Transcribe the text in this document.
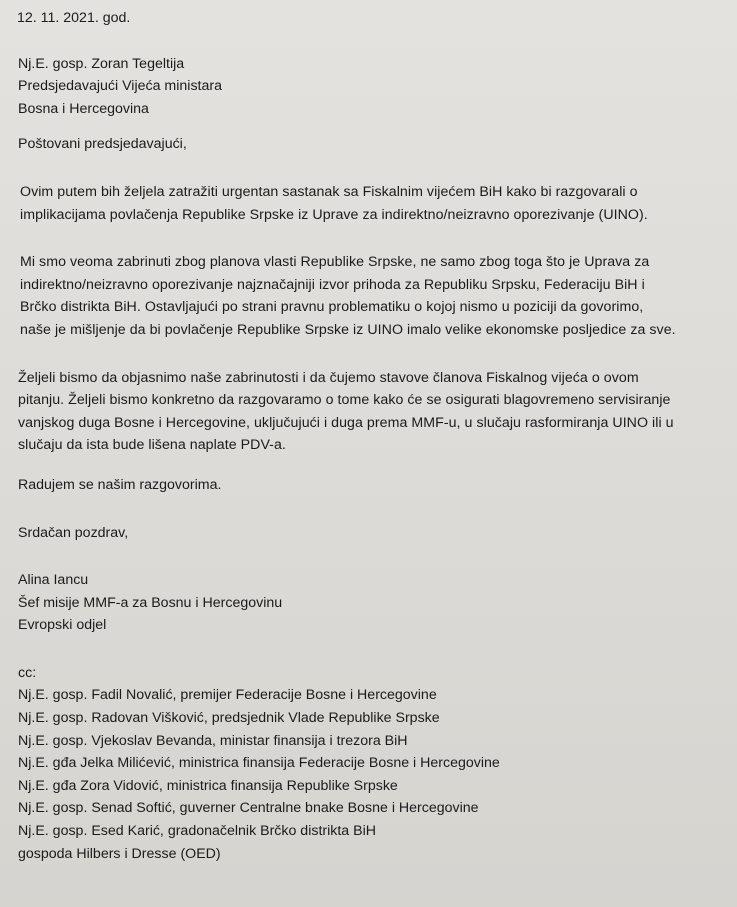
12. 11. 2021. god.
Nj.E. gosp. Zoran Tegeltija
Predsjedavajući Vijeća ministara
Bosna i Hercegovina
Poštovani predsjedavajući,
Ovim putem bih željela zatražiti urgentan sastanak sa Fiskalnim vijećem BiH kako bi razgovarali o
implikacijama povlačenja Republike Srpske iz Uprave za indirektno/neizravno oporezivanje (UINO).
Mi smo veoma zabrinuti zbog planova vlasti Republike Srpske, ne samo zbog toga što je Uprava za
indirektno/neizravno oporezivanje najznačajniji izvor prihoda za Republiku Srpsku, Federaciju BiH i
Brčko distrikta BiH. Ostavljajući po strani pravnu problematiku o kojoj nismo u poziciji da govorimo,
naše je mišljenje da bi povlačenje Republike Srpske iz UINO imalo velike ekonomske posljedice za sve.
Željeli bismo da objasnimo naše zabrinutosti i da čujemo stavove članova Fiskalnog vijeća o ovom
pitanju. Željeli bismo konkretno da razgovaramo o tome kako će se osigurati blagovremeno servisiranje
vanjskog duga Bosne i Hercegovine, uključujući i duga prema MMF-u, u slučaju rasformiranja UINO ili u
slučaju da ista bude lišena naplate PDV-a.
Radujem se našim razgovorima.
Srdačan pozdrav,
Alina Iancu
Šef misije MMF-a za Bosnu i Hercegovinu
Evropski odjel
cc:
Nj.E. gosp. Fadil Novalić, premijer Federacije Bosne i Hercegovine
Nj.E. gosp. Radovan Višković, predsjednik Vlade Republike Srpske
Nj.E. gosp. Vjekoslav Bevanda, ministar finansija i trezora BiH
Nj.E. gđa Jelka Milićević, ministrica finansija Federacije Bosne i Hercegovine
Nj.E. gđa Zora Vidović, ministrica finansija Republike Srpske
Nj.E. gosp. Senad Softić, guverner Centralne bnake Bosne i Hercegovine
Nj.E. gosp. Esed Karić, gradonačelnik Brčko distrikta BiH
gospoda Hilbers i Dresse (OED)
